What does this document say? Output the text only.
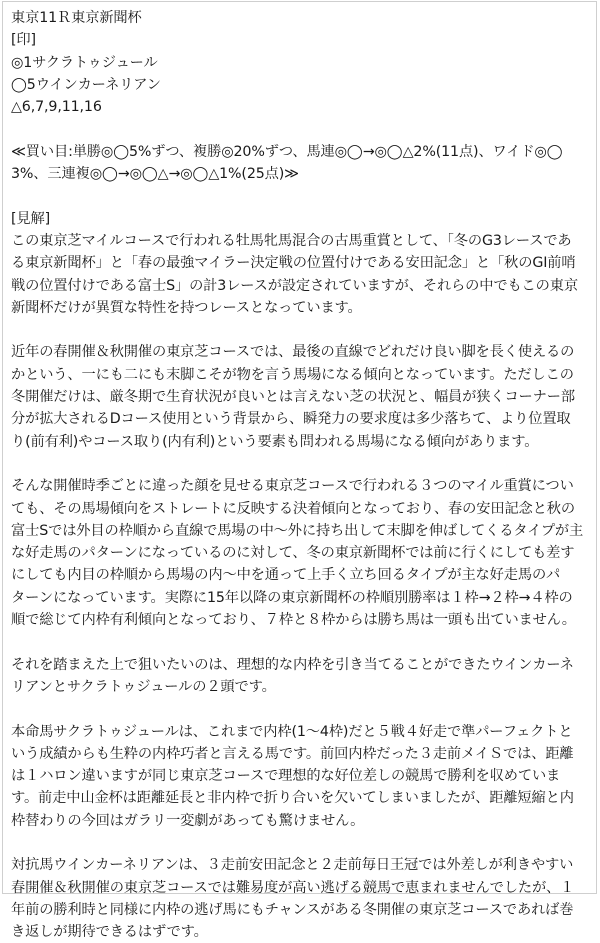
東京11Ｒ東京新聞杯
[印]
◎1サクラトゥジュール
◯5ウインカーネリアン
△6,7,9,11,16
≪買い目:単勝◎◯5%ずつ、複勝◎20%ずつ、馬連◎◯→◎◯△2%(11点)、ワイド◎◯
3%、三連複◎◯→◎◯△→◎◯△1%(25点)≫
[見解]
この東京芝マイルコースで行われる牡馬牝馬混合の古馬重賞として、「冬のG3レースであ
る東京新聞杯」と「春の最強マイラー決定戦の位置付けである安田記念」と「秋のGI前哨
戦の位置付けである富士S」の計3レースが設定されていますが、それらの中でもこの東京
新聞杯だけが異質な特性を持つレースとなっています。
近年の春開催＆秋開催の東京芝コースでは、最後の直線でどれだけ良い脚を長く使えるの
かという、一にも二にも末脚こそが物を言う馬場になる傾向となっています。ただしこの
冬開催だけは、厳冬期で生育状況が良いとは言えない芝の状況と、幅員が狭くコーナー部
分が拡大されるDコース使用という背景から、瞬発力の要求度は多少落ちて、より位置取
り(前有利)やコース取り(内有利)という要素も問われる馬場になる傾向があります。
そんな開催時季ごとに違った顔を見せる東京芝コースで行われる３つのマイル重賞につい
ても、その馬場傾向をストレートに反映する決着傾向となっており、春の安田記念と秋の
富士Sでは外目の枠順から直線で馬場の中～外に持ち出して末脚を伸ばしてくるタイプが主
な好走馬のパターンになっているのに対して、冬の東京新聞杯では前に行くにしても差す
にしても内目の枠順から馬場の内～中を通って上手く立ち回るタイプが主な好走馬のパ
ターンになっています。実際に15年以降の東京新聞杯の枠順別勝率は１枠→２枠→４枠の
順で総じて内枠有利傾向となっており、７枠と８枠からは勝ち馬は一頭も出ていません。
それを踏まえた上で狙いたいのは、理想的な内枠を引き当てることができたウインカーネ
リアンとサクラトゥジュールの２頭です。
本命馬サクラトゥジュールは、これまで内枠(1～4枠)だと５戦４好走で準パーフェクトと
いう成績からも生粋の内枠巧者と言える馬です。前回内枠だった３走前メイＳでは、距離
は１ハロン違いますが同じ東京芝コースで理想的な好位差しの競馬で勝利を収めていま
す。前走中山金杯は距離延長と非内枠で折り合いを欠いてしまいましたが、距離短縮と内
枠替わりの今回はガラリ一変劇があっても驚けません。
対抗馬ウインカーネリアンは、３走前安田記念と２走前毎日王冠では外差しが利きやすい
春開催＆秋開催の東京芝コースでは難易度が高い逃げる競馬で恵まれませんでしたが、１
年前の勝利時と同様に内枠の逃げ馬にもチャンスがある冬開催の東京芝コースであれば巻
き返しが期待できるはずです。
